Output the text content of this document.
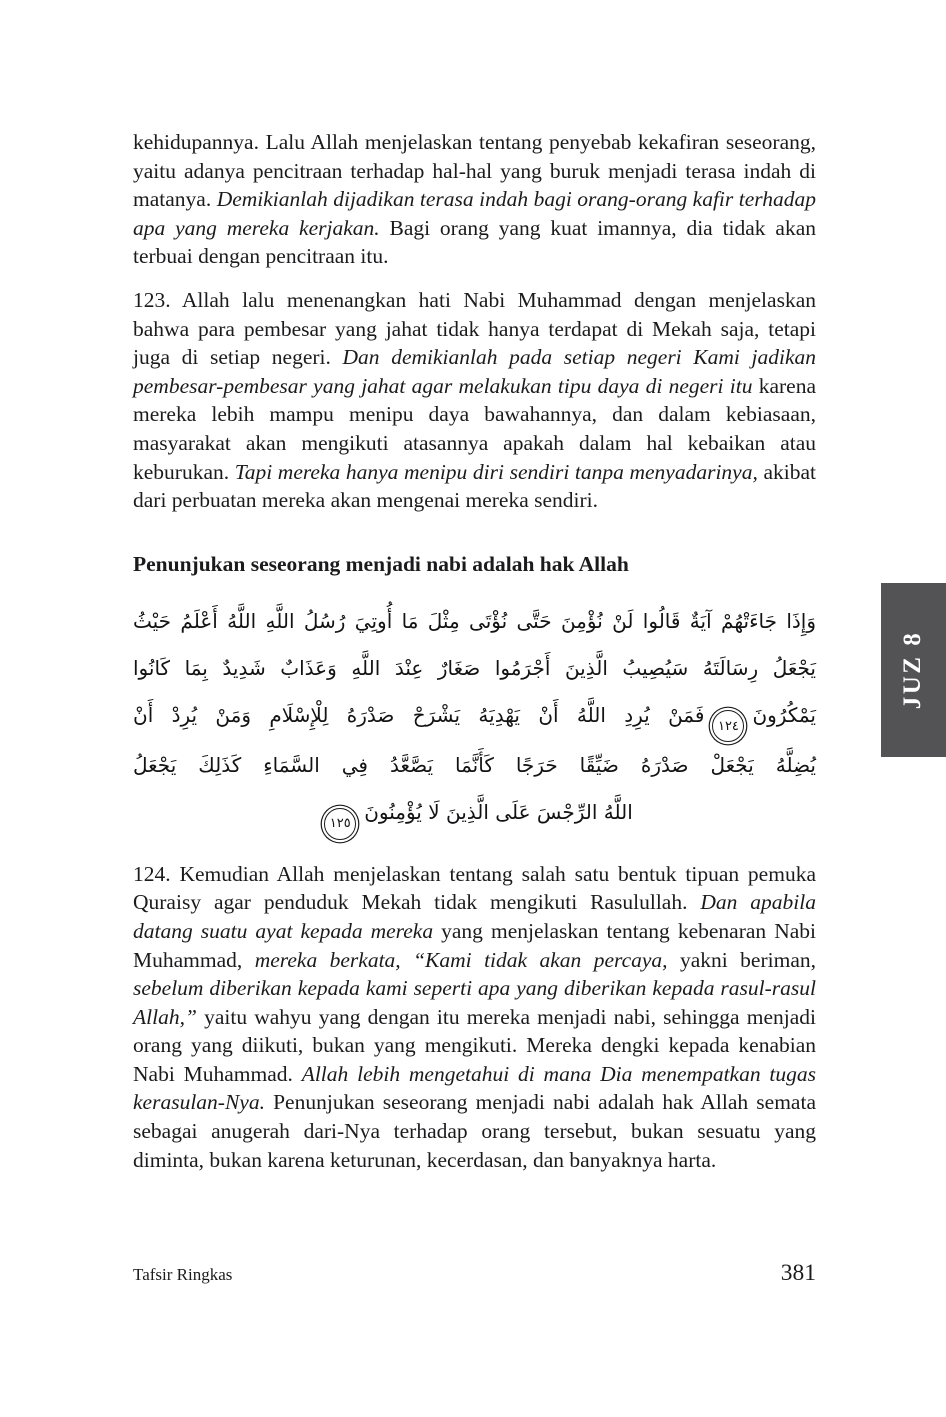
kehidupannya. Lalu Allah menjelaskan tentang penyebab kekafiran seseorang, yaitu adanya pencitraan terhadap hal-hal yang buruk menjadi terasa indah di matanya. Demikianlah dijadikan terasa indah bagi orang-orang kafir terhadap apa yang mereka kerjakan. Bagi orang yang kuat imannya, dia tidak akan terbuai dengan pencitraan itu.

123. Allah lalu menenangkan hati Nabi Muhammad dengan menjelaskan bahwa para pembesar yang jahat tidak hanya terdapat di Mekah saja, tetapi juga di setiap negeri. Dan demikianlah pada setiap negeri Kami jadikan pembesar-pembesar yang jahat agar melakukan tipu daya di negeri itu karena mereka lebih mampu menipu daya bawahannya, dan dalam kebiasaan, masyarakat akan mengikuti atasannya apakah dalam hal kebaikan atau keburukan. Tapi mereka hanya menipu diri sendiri tanpa menyadarinya, akibat dari perbuatan mereka akan mengenai mereka sendiri.

Penunjukan seseorang menjadi nabi adalah hak Allah
وَإِذَا جَاءَتْهُمْ آيَةٌ قَالُوا لَنْ نُؤْمِنَ حَتَّى نُؤْتَى مِثْلَ مَا أُوتِيَ رُسُلُ اللَّهِ اللَّهُ أَعْلَمُ حَيْثُ
يَجْعَلُ رِسَالَتَهُ سَيُصِيبُ الَّذِينَ أَجْرَمُوا صَغَارٌ عِنْدَ اللَّهِ وَعَذَابٌ شَدِيدٌ بِمَا كَانُوا
يَمْكُرُونَ١٢٤فَمَنْ يُرِدِ اللَّهُ أَنْ يَهْدِيَهُ يَشْرَحْ صَدْرَهُ لِلْإِسْلَامِ وَمَنْ يُرِدْ أَنْ
يُضِلَّهُ يَجْعَلْ صَدْرَهُ ضَيِّقًا حَرَجًا كَأَنَّمَا يَصَّعَّدُ فِي السَّمَاءِ كَذَلِكَ يَجْعَلُ
اللَّهُ الرِّجْسَ عَلَى الَّذِينَ لَا يُؤْمِنُونَ١٢٥

124. Kemudian Allah menjelaskan tentang salah satu bentuk tipuan pemuka Quraisy agar penduduk Mekah tidak mengikuti Rasulullah. Dan apabila datang suatu ayat kepada mereka yang menjelaskan tentang kebenaran Nabi Muhammad, mereka berkata, “Kami tidak akan percaya, yakni beriman, sebelum diberikan kepada kami seperti apa yang diberikan kepada rasul-rasul Allah,” yaitu wahyu yang dengan itu mereka menjadi nabi, sehingga menjadi orang yang diikuti, bukan yang mengikuti. Mereka dengki kepada kenabian Nabi Muhammad. Allah lebih mengetahui di mana Dia menempatkan tugas kerasulan-Nya. Penunjukan seseorang menjadi nabi adalah hak Allah semata sebagai anugerah dari-Nya terhadap orang tersebut, bukan sesuatu yang diminta, bukan karena keturunan, kecerdasan, dan banyaknya harta.

Tafsir Ringkas	381
JUZ 8
